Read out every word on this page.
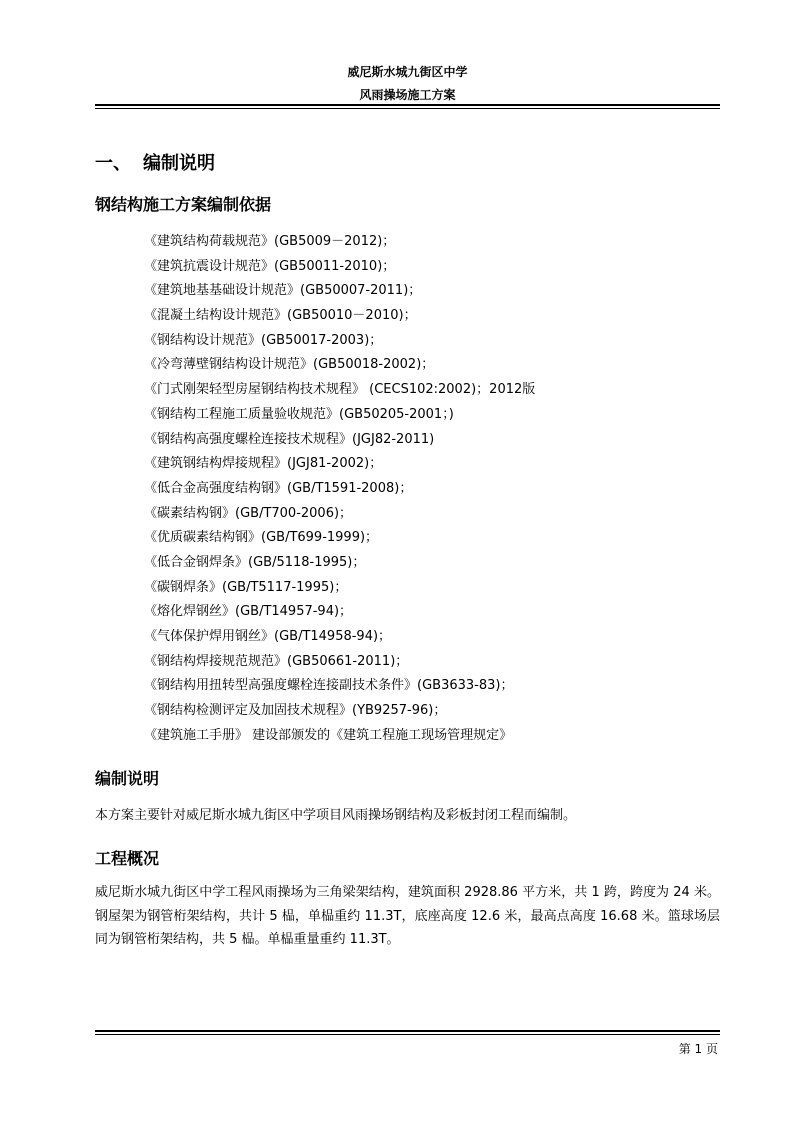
威尼斯水城九街区中学
风雨操场施工方案
一、 编制说明
钢结构施工方案编制依据
《建筑结构荷载规范》(GB5009－2012)；
《建筑抗震设计规范》(GB50011-2010)；
《建筑地基基础设计规范》(GB50007-2011)；
《混凝土结构设计规范》(GB50010－2010)；
《钢结构设计规范》(GB50017-2003)；
《冷弯薄壁钢结构设计规范》(GB50018-2002)；
《门式刚架轻型房屋钢结构技术规程》 (CECS102:2002)；2012版
《钢结构工程施工质量验收规范》(GB50205-2001；)
《钢结构高强度螺栓连接技术规程》(JGJ82-2011)
《建筑钢结构焊接规程》(JGJ81-2002)；
《低合金高强度结构钢》(GB/T1591-2008)；
《碳素结构钢》(GB/T700-2006)；
《优质碳素结构钢》(GB/T699-1999)；
《低合金钢焊条》(GB/5118-1995)；
《碳钢焊条》(GB/T5117-1995)；
《熔化焊钢丝》(GB/T14957-94)；
《气体保护焊用钢丝》(GB/T14958-94)；
《钢结构焊接规范规范》(GB50661-2011)；
《钢结构用扭转型高强度螺栓连接副技术条件》(GB3633-83)；
《钢结构检测评定及加固技术规程》(YB9257-96)；
《建筑施工手册》 建设部颁发的《建筑工程施工现场管理规定》
编制说明
本方案主要针对威尼斯水城九街区中学项目风雨操场钢结构及彩板封闭工程而编制。
工程概况
威尼斯水城九街区中学工程风雨操场为三角梁架结构，建筑面积 2928.86 平方米，共 1 跨，跨度为 24 米。钢屋架为钢管桁架结构，共计 5 榀，单榀重约 11.3T，底座高度 12.6 米，最高点高度 16.68 米。篮球场层同为钢管桁架结构，共 5 榀。单榀重量重约 11.3T。
第 1 页
